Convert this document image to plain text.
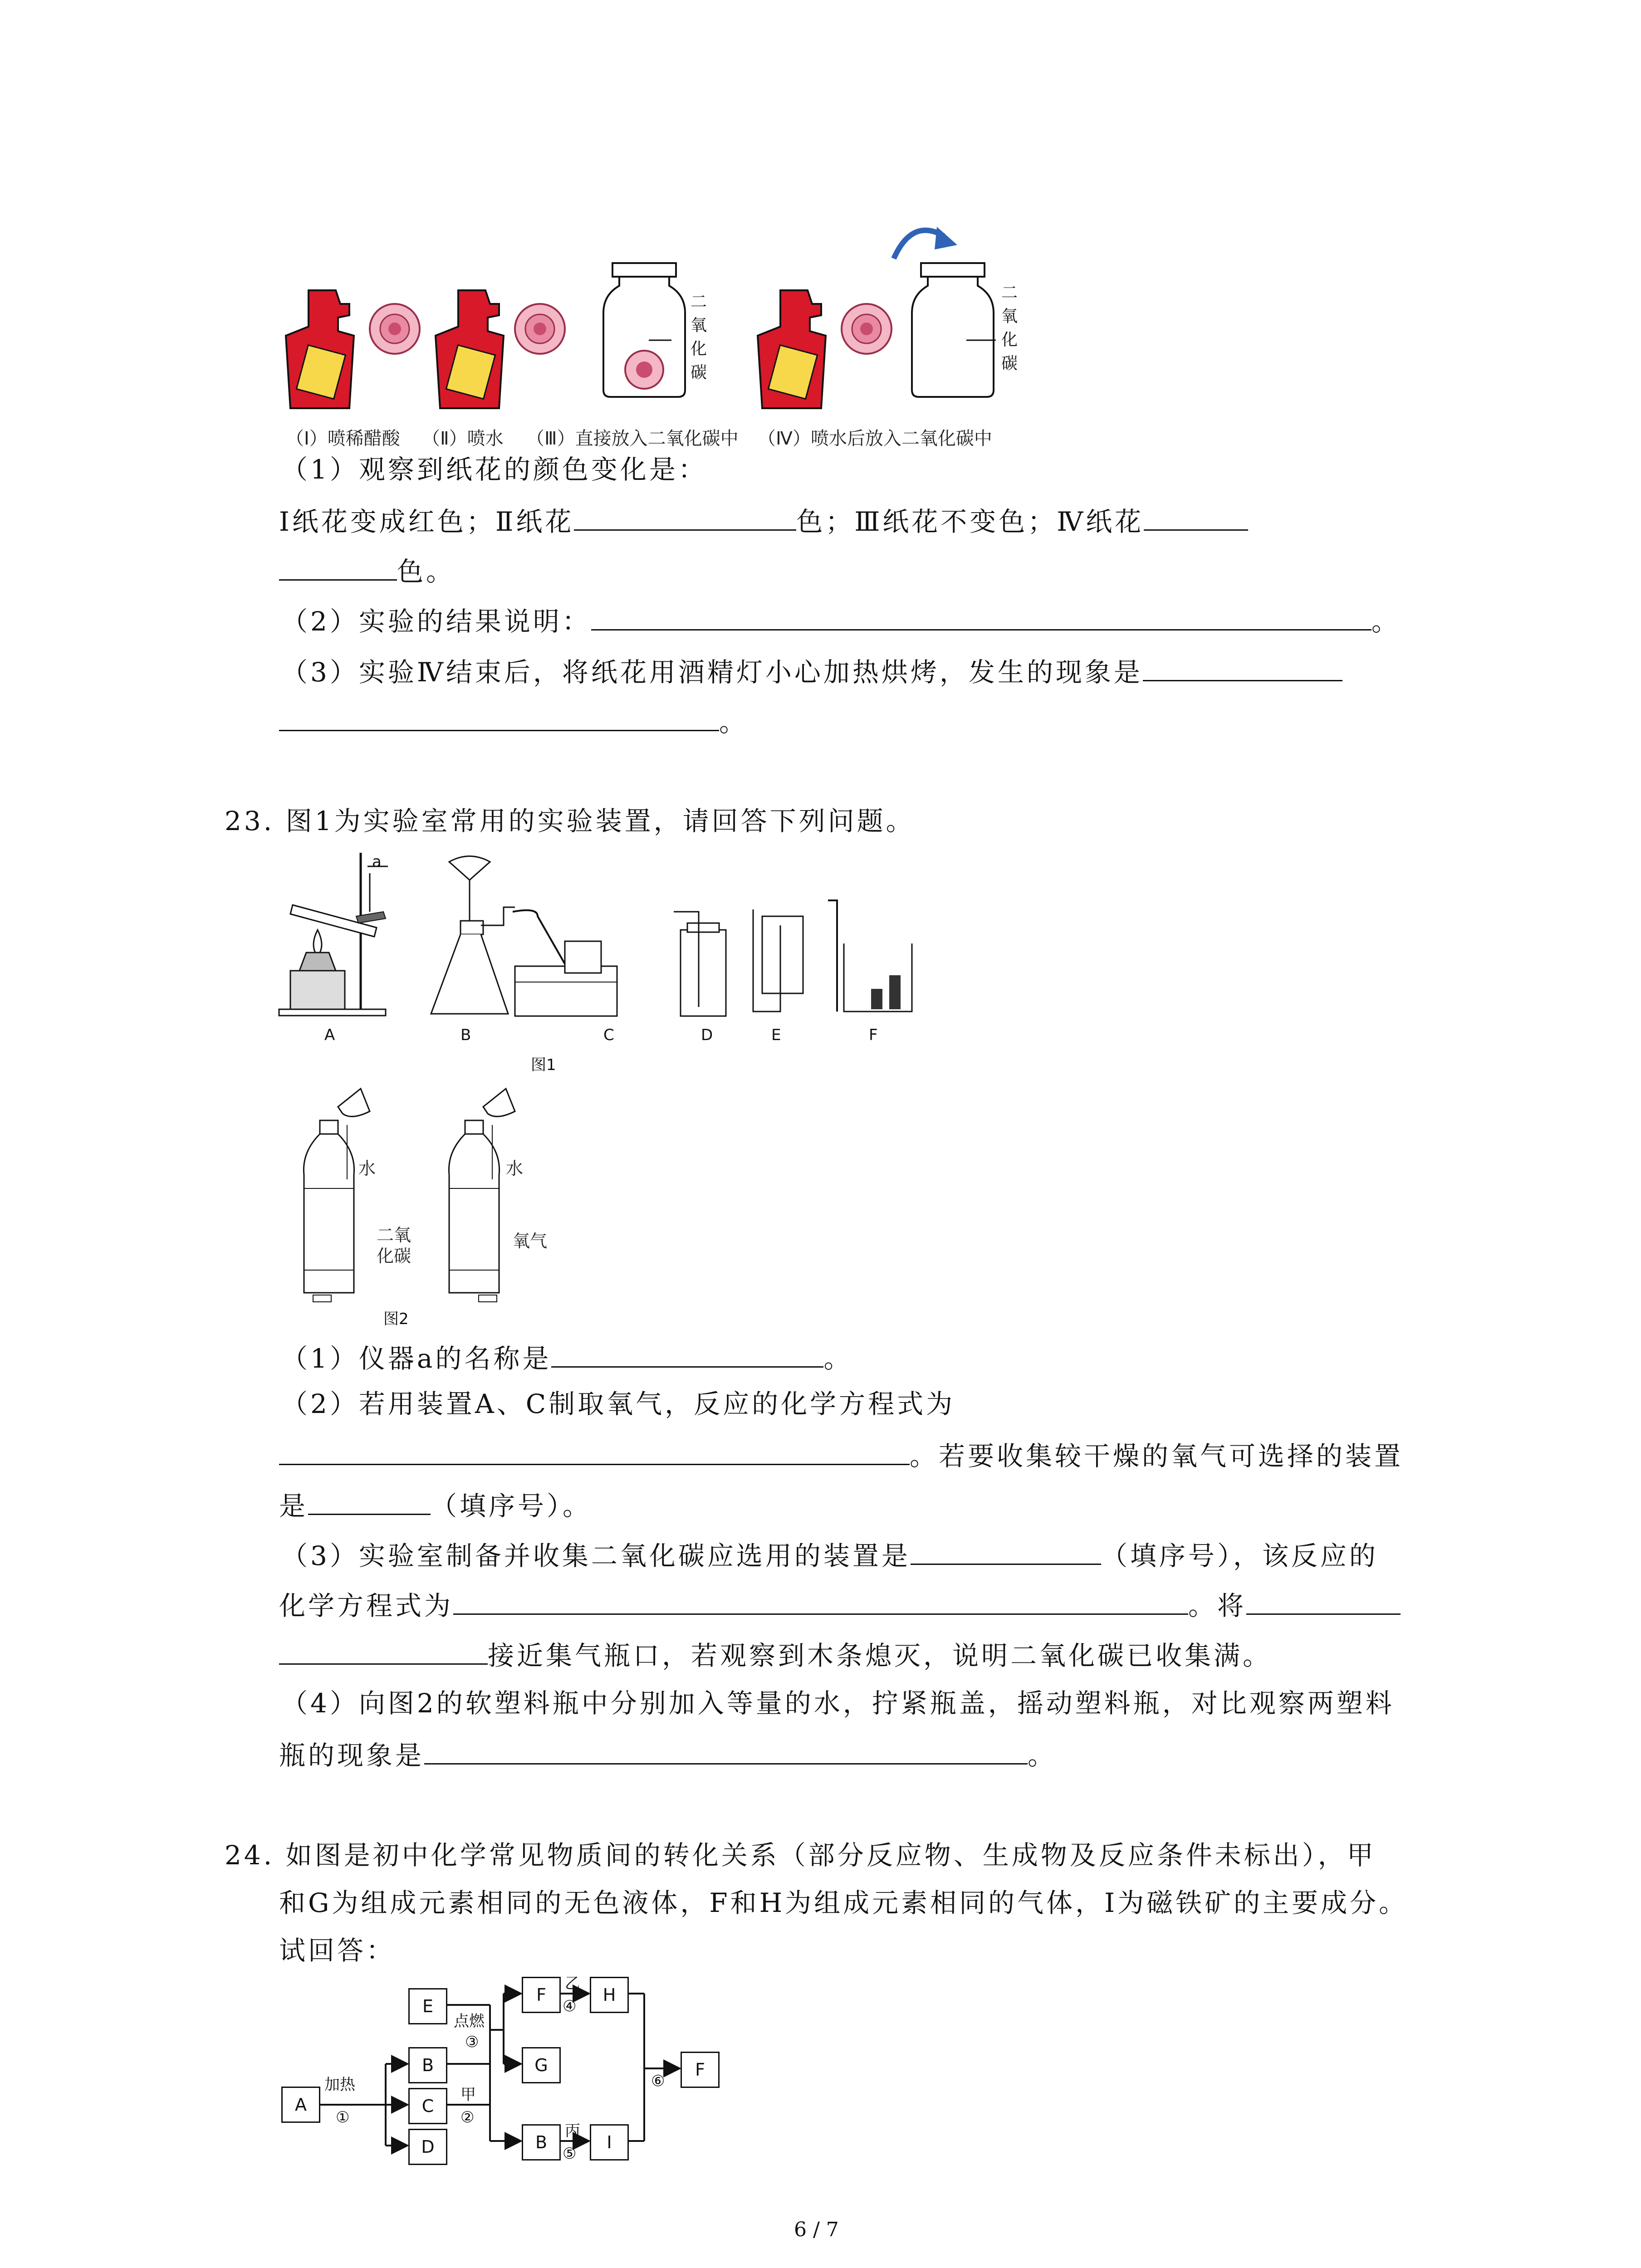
二
氧
化
碳
二
氧
化
碳
（Ⅰ）喷稀醋酸 （Ⅱ）喷水 （Ⅲ）直接放入二氧化碳中 （Ⅳ）喷水后放入二氧化碳中
（1）观察到纸花的颜色变化是：
I纸花变成红色；Ⅱ纸花	色；Ⅲ纸花不变色；Ⅳ纸花
色。
（2）实验的结果说明：	。
（3）实验Ⅳ结束后，将纸花用酒精灯小心加热烘烤，发生的现象是
。
23. 图1为实验室常用的实验装置，请回答下列问题。
a
A	B	C	D	E	F
图1
水
二氧化碳
水
氧气
图2
（1）仪器a的名称是	。
（2）若用装置A、C制取氧气，反应的化学方程式为
。若要收集较干燥的氧气可选择的装置
是	（填序号）。
（3）实验室制备并收集二氧化碳应选用的装置是	（填序号），该反应的
化学方程式为	。将
接近集气瓶口，若观察到木条熄灭，说明二氧化碳已收集满。
（4）向图2的软塑料瓶中分别加入等量的水，拧紧瓶盖，摇动塑料瓶，对比观察两塑料
瓶的现象是	。
24. 如图是初中化学常见物质间的转化关系（部分反应物、生成物及反应条件未标出），甲
和G为组成元素相同的无色液体，F和H为组成元素相同的气体，I为磁铁矿的主要成分。
试回答：
A
E
B
C
D
F
G
H
B	I
F
加热
①
点燃
③
乙
④
甲
②
丙
⑤
⑥
6 / 7
